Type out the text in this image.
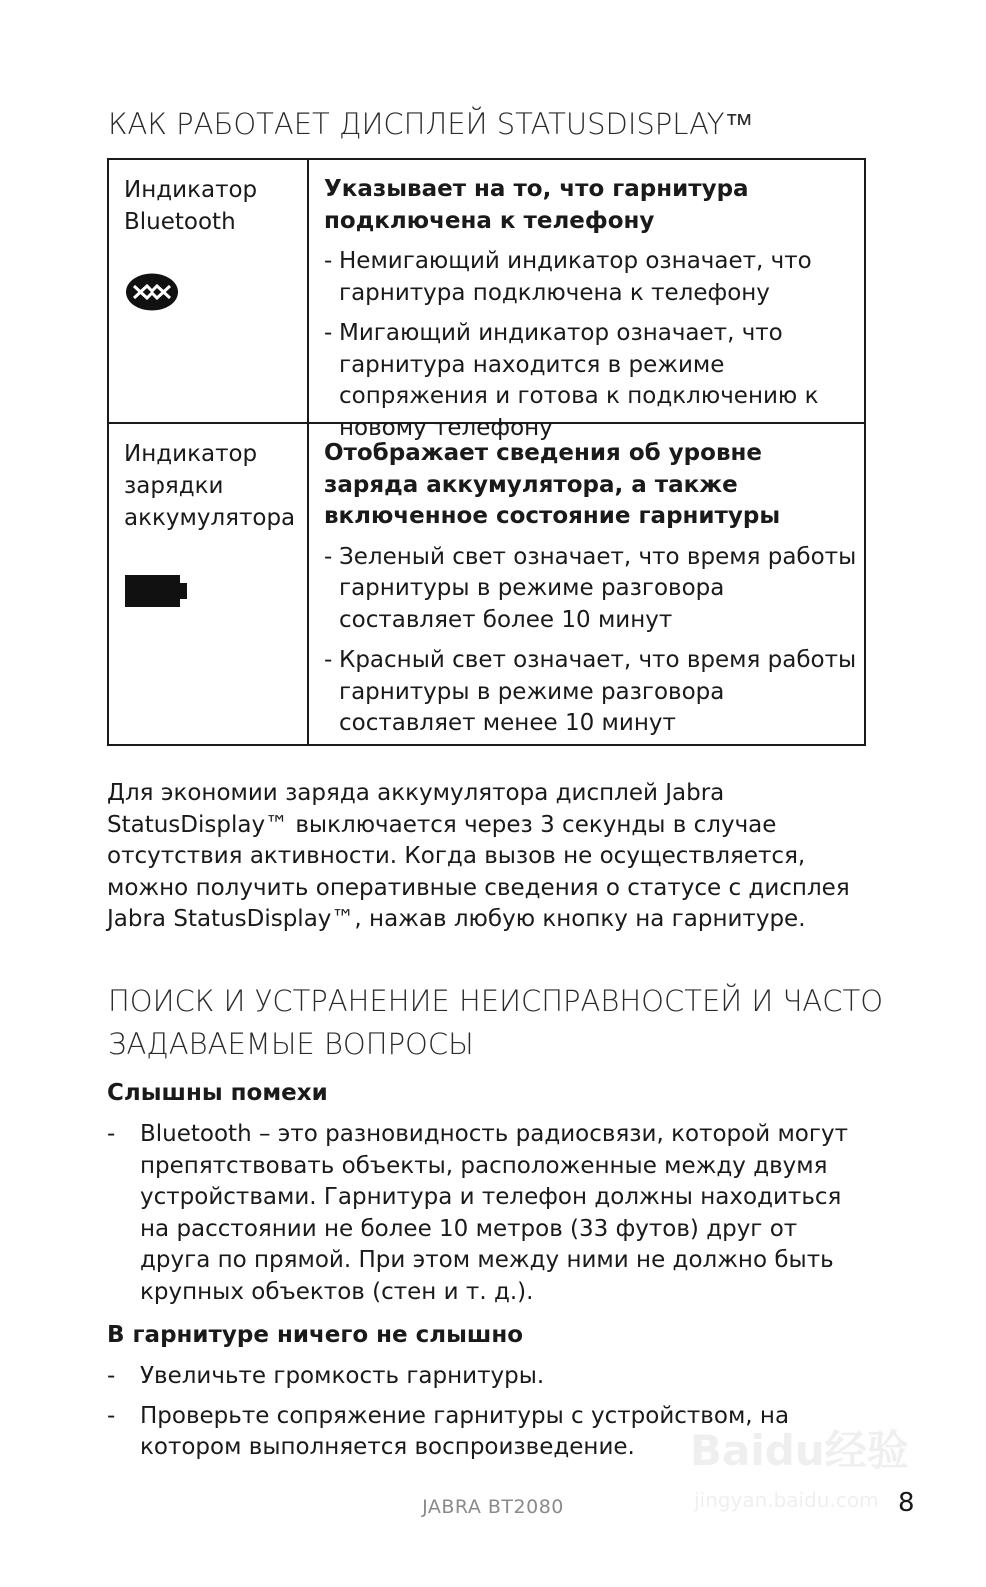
КАК РАБОТАЕТ ДИСПЛЕЙ STATUSDISPLAY™
Индикатор Bluetooth
Указывает на то, что гарнитура подключена к телефону
- Немигающий индикатор означает, что гарнитура подключена к телефону
- Мигающий индикатор означает, что гарнитура находится в режиме сопряжения и готова к подключению к новому телефону
Индикатор зарядки аккумулятора
Отображает сведения об уровне заряда аккумулятора, а также включенное состояние гарнитуры
- Зеленый свет означает, что время работы гарнитуры в режиме разговора составляет более 10 минут
- Красный свет означает, что время работы гарнитуры в режиме разговора составляет менее 10 минут
Для экономии заряда аккумулятора дисплей Jabra StatusDisplay™ выключается через 3 секунды в случае отсутствия активности. Когда вызов не осуществляется, можно получить оперативные сведения о статусе с дисплея Jabra StatusDisplay™, нажав любую кнопку на гарнитуре.
ПОИСК И УСТРАНЕНИЕ НЕИСПРАВНОСТЕЙ И ЧАСТО ЗАДАВАЕМЫЕ ВОПРОСЫ
Слышны помехи
- Bluetooth – это разновидность радиосвязи, которой могут препятствовать объекты, расположенные между двумя устройствами. Гарнитура и телефон должны находиться на расстоянии не более 10 метров (33 футов) друг от друга по прямой. При этом между ними не должно быть крупных объектов (стен и т. д.).
В гарнитуре ничего не слышно
- Увеличьте громкость гарнитуры.
- Проверьте сопряжение гарнитуры с устройством, на котором выполняется воспроизведение.	Baidu经验
jingyan.baidu.com
JABRA BT2080	8
